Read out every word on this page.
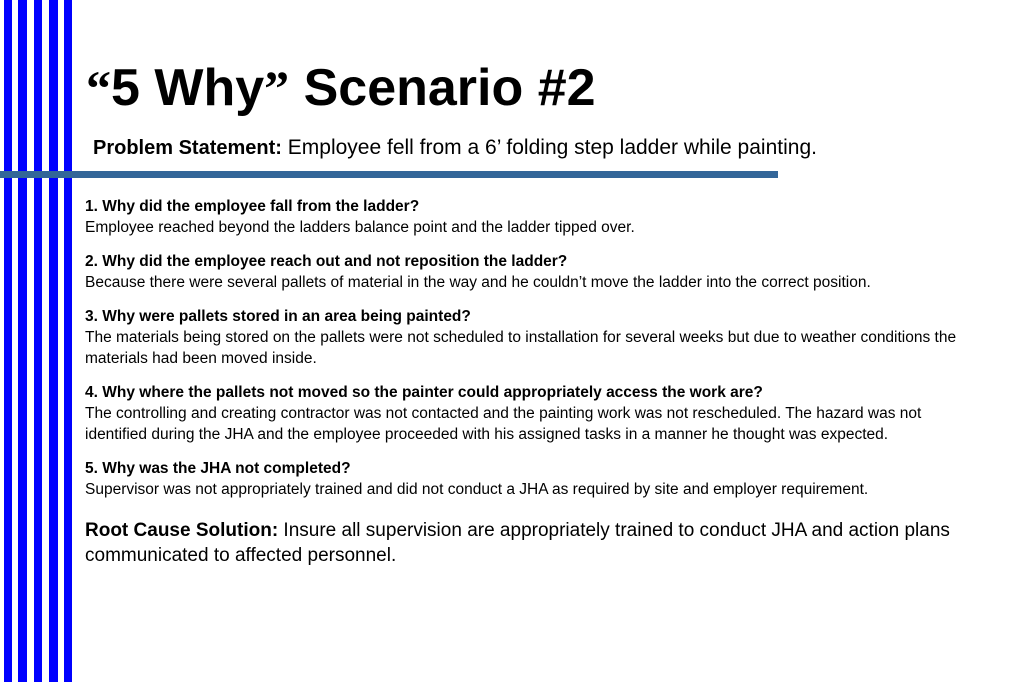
“5 Why” Scenario #2
Problem Statement: Employee fell from a 6’ folding step ladder while painting.
1. Why did the employee fall from the ladder?
Employee reached beyond the ladders balance point and the ladder tipped over.
2. Why did the employee reach out and not reposition the ladder?
Because there were several pallets of material in the way and he couldn’t move the ladder into the correct position.
3. Why were pallets stored in an area being painted?
The materials being stored on the pallets were not scheduled to installation for several weeks but due to weather conditions the materials had been moved inside.
4. Why where the pallets not moved so the painter could appropriately access the work are?
The controlling and creating contractor was not contacted and the painting work was not rescheduled. The hazard was not identified during the JHA and the employee proceeded with his assigned tasks in a manner he thought was expected.
5. Why was the JHA not completed?
Supervisor was not appropriately trained and did not conduct a JHA as required by site and employer requirement.
Root Cause Solution: Insure all supervision are appropriately trained to conduct JHA and action plans communicated to affected personnel.
